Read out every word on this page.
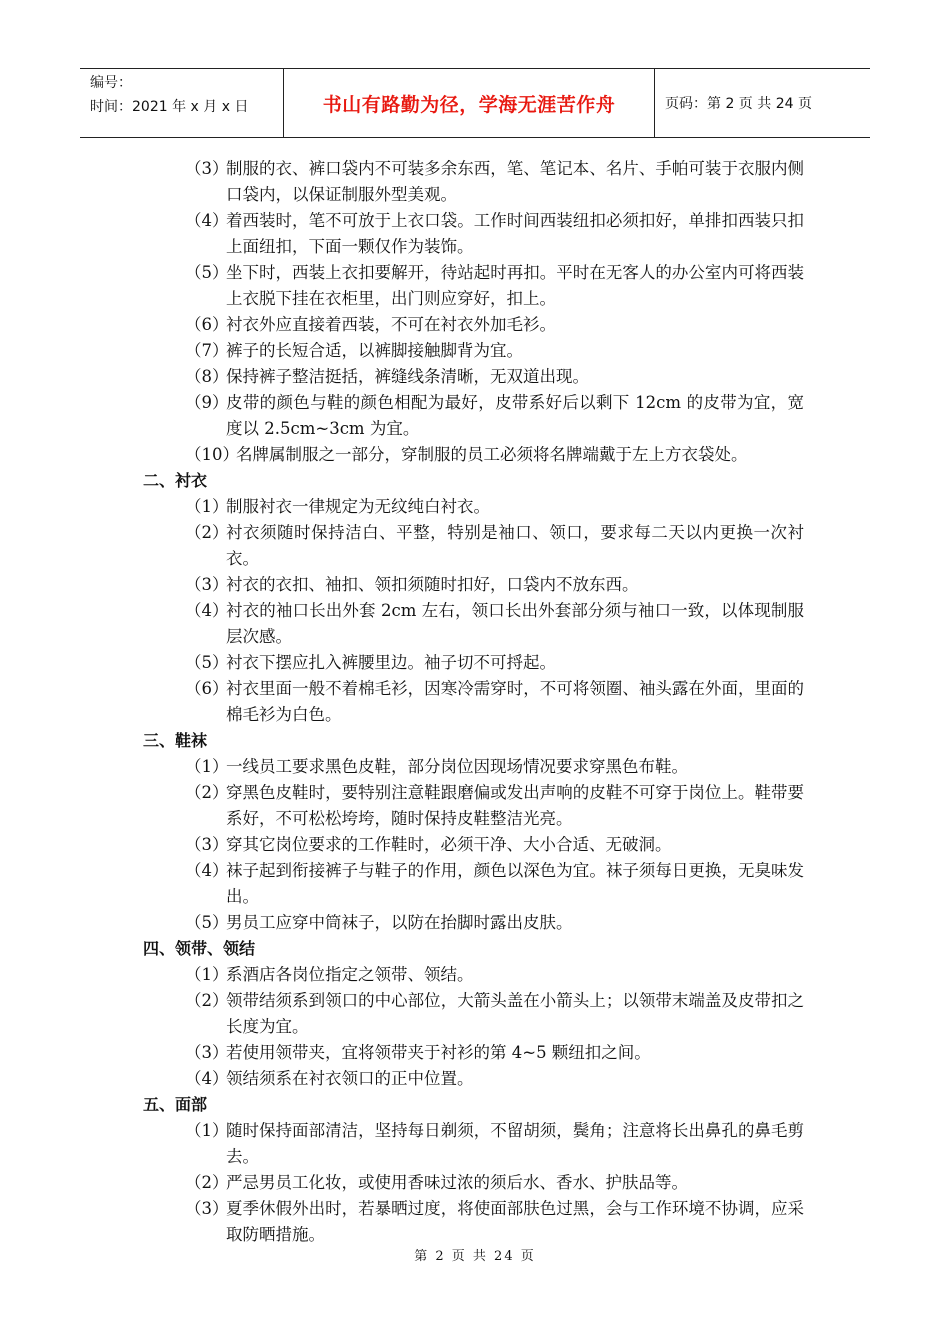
编号：
时间：2021 年 x 月 x 日	书山有路勤为径，学海无涯苦作舟	页码：第 2 页 共 24 页
（3）
制服的衣、裤口袋内不可装多余东西，笔、笔记本、名片、手帕可装于衣服内侧口袋内，以保证制服外型美观。
（4）
着西装时，笔不可放于上衣口袋。工作时间西装纽扣必须扣好，单排扣西装只扣上面纽扣，下面一颗仅作为装饰。
（5）
坐下时，西装上衣扣要解开，待站起时再扣。平时在无客人的办公室内可将西装上衣脱下挂在衣柜里，出门则应穿好，扣上。
（6）
衬衣外应直接着西装，不可在衬衣外加毛衫。
（7）
裤子的长短合适，以裤脚接触脚背为宜。
（8）
保持裤子整洁挺括，裤缝线条清晰，无双道出现。
（9）
皮带的颜色与鞋的颜色相配为最好，皮带系好后以剩下 12cm 的皮带为宜，宽度以 2.5cm~3cm 为宜。
（10）
名牌属制服之一部分，穿制服的员工必须将名牌端戴于左上方衣袋处。
二、衬衣
（1）
制服衬衣一律规定为无纹纯白衬衣。
（2）
衬衣须随时保持洁白、平整，特别是袖口、领口，要求每二天以内更换一次衬衣。
（3）
衬衣的衣扣、袖扣、领扣须随时扣好，口袋内不放东西。
（4）
衬衣的袖口长出外套 2cm 左右，领口长出外套部分须与袖口一致，以体现制服层次感。
（5）
衬衣下摆应扎入裤腰里边。袖子切不可捋起。
（6）
衬衣里面一般不着棉毛衫，因寒冷需穿时，不可将领圈、袖头露在外面，里面的棉毛衫为白色。
三、鞋袜
（1）
一线员工要求黑色皮鞋，部分岗位因现场情况要求穿黑色布鞋。
（2）
穿黑色皮鞋时，要特别注意鞋跟磨偏或发出声响的皮鞋不可穿于岗位上。鞋带要系好，不可松松垮垮，随时保持皮鞋整洁光亮。
（3）
穿其它岗位要求的工作鞋时，必须干净、大小合适、无破洞。
（4）
袜子起到衔接裤子与鞋子的作用，颜色以深色为宜。袜子须每日更换，无臭味发出。
（5）
男员工应穿中筒袜子，以防在抬脚时露出皮肤。
四、领带、领结
（1）
系酒店各岗位指定之领带、领结。
（2）
领带结须系到领口的中心部位，大箭头盖在小箭头上；以领带末端盖及皮带扣之长度为宜。
（3）
若使用领带夹，宜将领带夹于衬衫的第 4~5 颗纽扣之间。
（4）
领结须系在衬衣领口的正中位置。
五、面部
（1）
随时保持面部清洁，坚持每日剃须，不留胡须，鬓角；注意将长出鼻孔的鼻毛剪去。
（2）
严忌男员工化妆，或使用香味过浓的须后水、香水、护肤品等。
（3）
夏季休假外出时，若暴晒过度，将使面部肤色过黑，会与工作环境不协调，应采取防晒措施。
第 2 页 共 24 页
